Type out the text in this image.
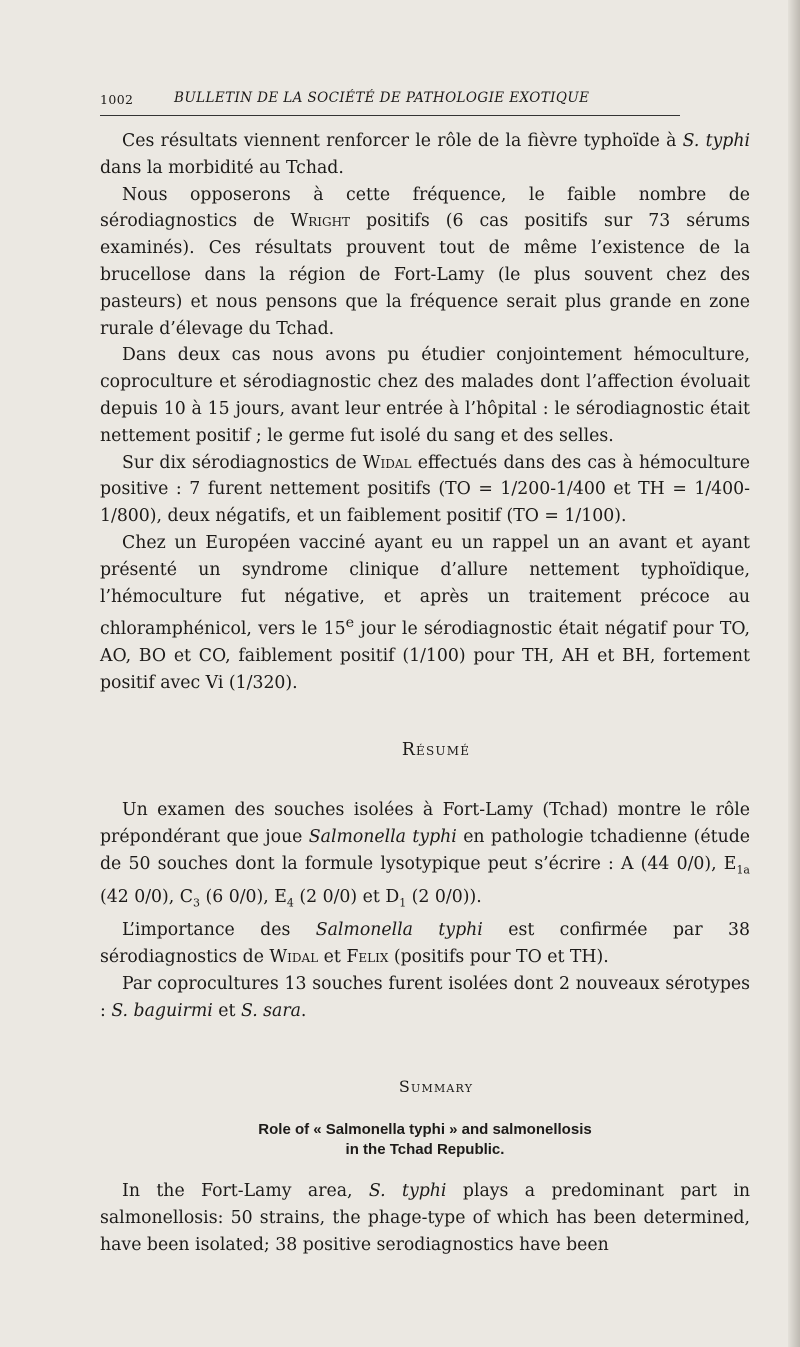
1002	BULLETIN DE LA SOCIÉTÉ DE PATHOLOGIE EXOTIQUE

Ces résultats viennent renforcer le rôle de la fièvre typhoïde à S. typhi dans la morbidité au Tchad.

Nous opposerons à cette fréquence, le faible nombre de sérodiagnostics de Wright positifs (6 cas positifs sur 73 sérums examinés). Ces résultats prouvent tout de même l’existence de la brucellose dans la région de Fort-Lamy (le plus souvent chez des pasteurs) et nous pensons que la fréquence serait plus grande en zone rurale d’élevage du Tchad.

Dans deux cas nous avons pu étudier conjointement hémoculture, coproculture et sérodiagnostic chez des malades dont l’affection évoluait depuis 10 à 15 jours, avant leur entrée à l’hôpital : le sérodiagnostic était nettement positif ; le germe fut isolé du sang et des selles.

Sur dix sérodiagnostics de Widal effectués dans des cas à hémoculture positive : 7 furent nettement positifs (TO = 1/200-1/400 et TH = 1/400-1/800), deux négatifs, et un faiblement positif (TO = 1/100).

Chez un Européen vacciné ayant eu un rappel un an avant et ayant présenté un syndrome clinique d’allure nettement typhoïdique, l’hémoculture fut négative, et après un traitement précoce au chloramphénicol, vers le 15e jour le sérodiagnostic était négatif pour TO, AO, BO et CO, faiblement positif (1/100) pour TH, AH et BH, fortement positif avec Vi (1/320).

Résumé

Un examen des souches isolées à Fort-Lamy (Tchad) montre le rôle prépondérant que joue Salmonella typhi en pathologie tchadienne (étude de 50 souches dont la formule lysotypique peut s’écrire : A (44 0/0), $E_{1a}$ (42 0/0), $C_3$ (6 0/0), $E_4$ (2 0/0) et $D_1$ (2 0/0)).

L’importance des Salmonella typhi est confirmée par 38 sérodiagnostics de Widal et Felix (positifs pour TO et TH).

Par coprocultures 13 souches furent isolées dont 2 nouveaux sérotypes : S. baguirmi et S. sara.

Summary

Role of « Salmonella typhi » and salmonellosis
in the Tchad Republic.

In the Fort-Lamy area, S. typhi plays a predominant part in salmonellosis: 50 strains, the phage-type of which has been determined, have been isolated; 38 positive serodiagnostics have been
